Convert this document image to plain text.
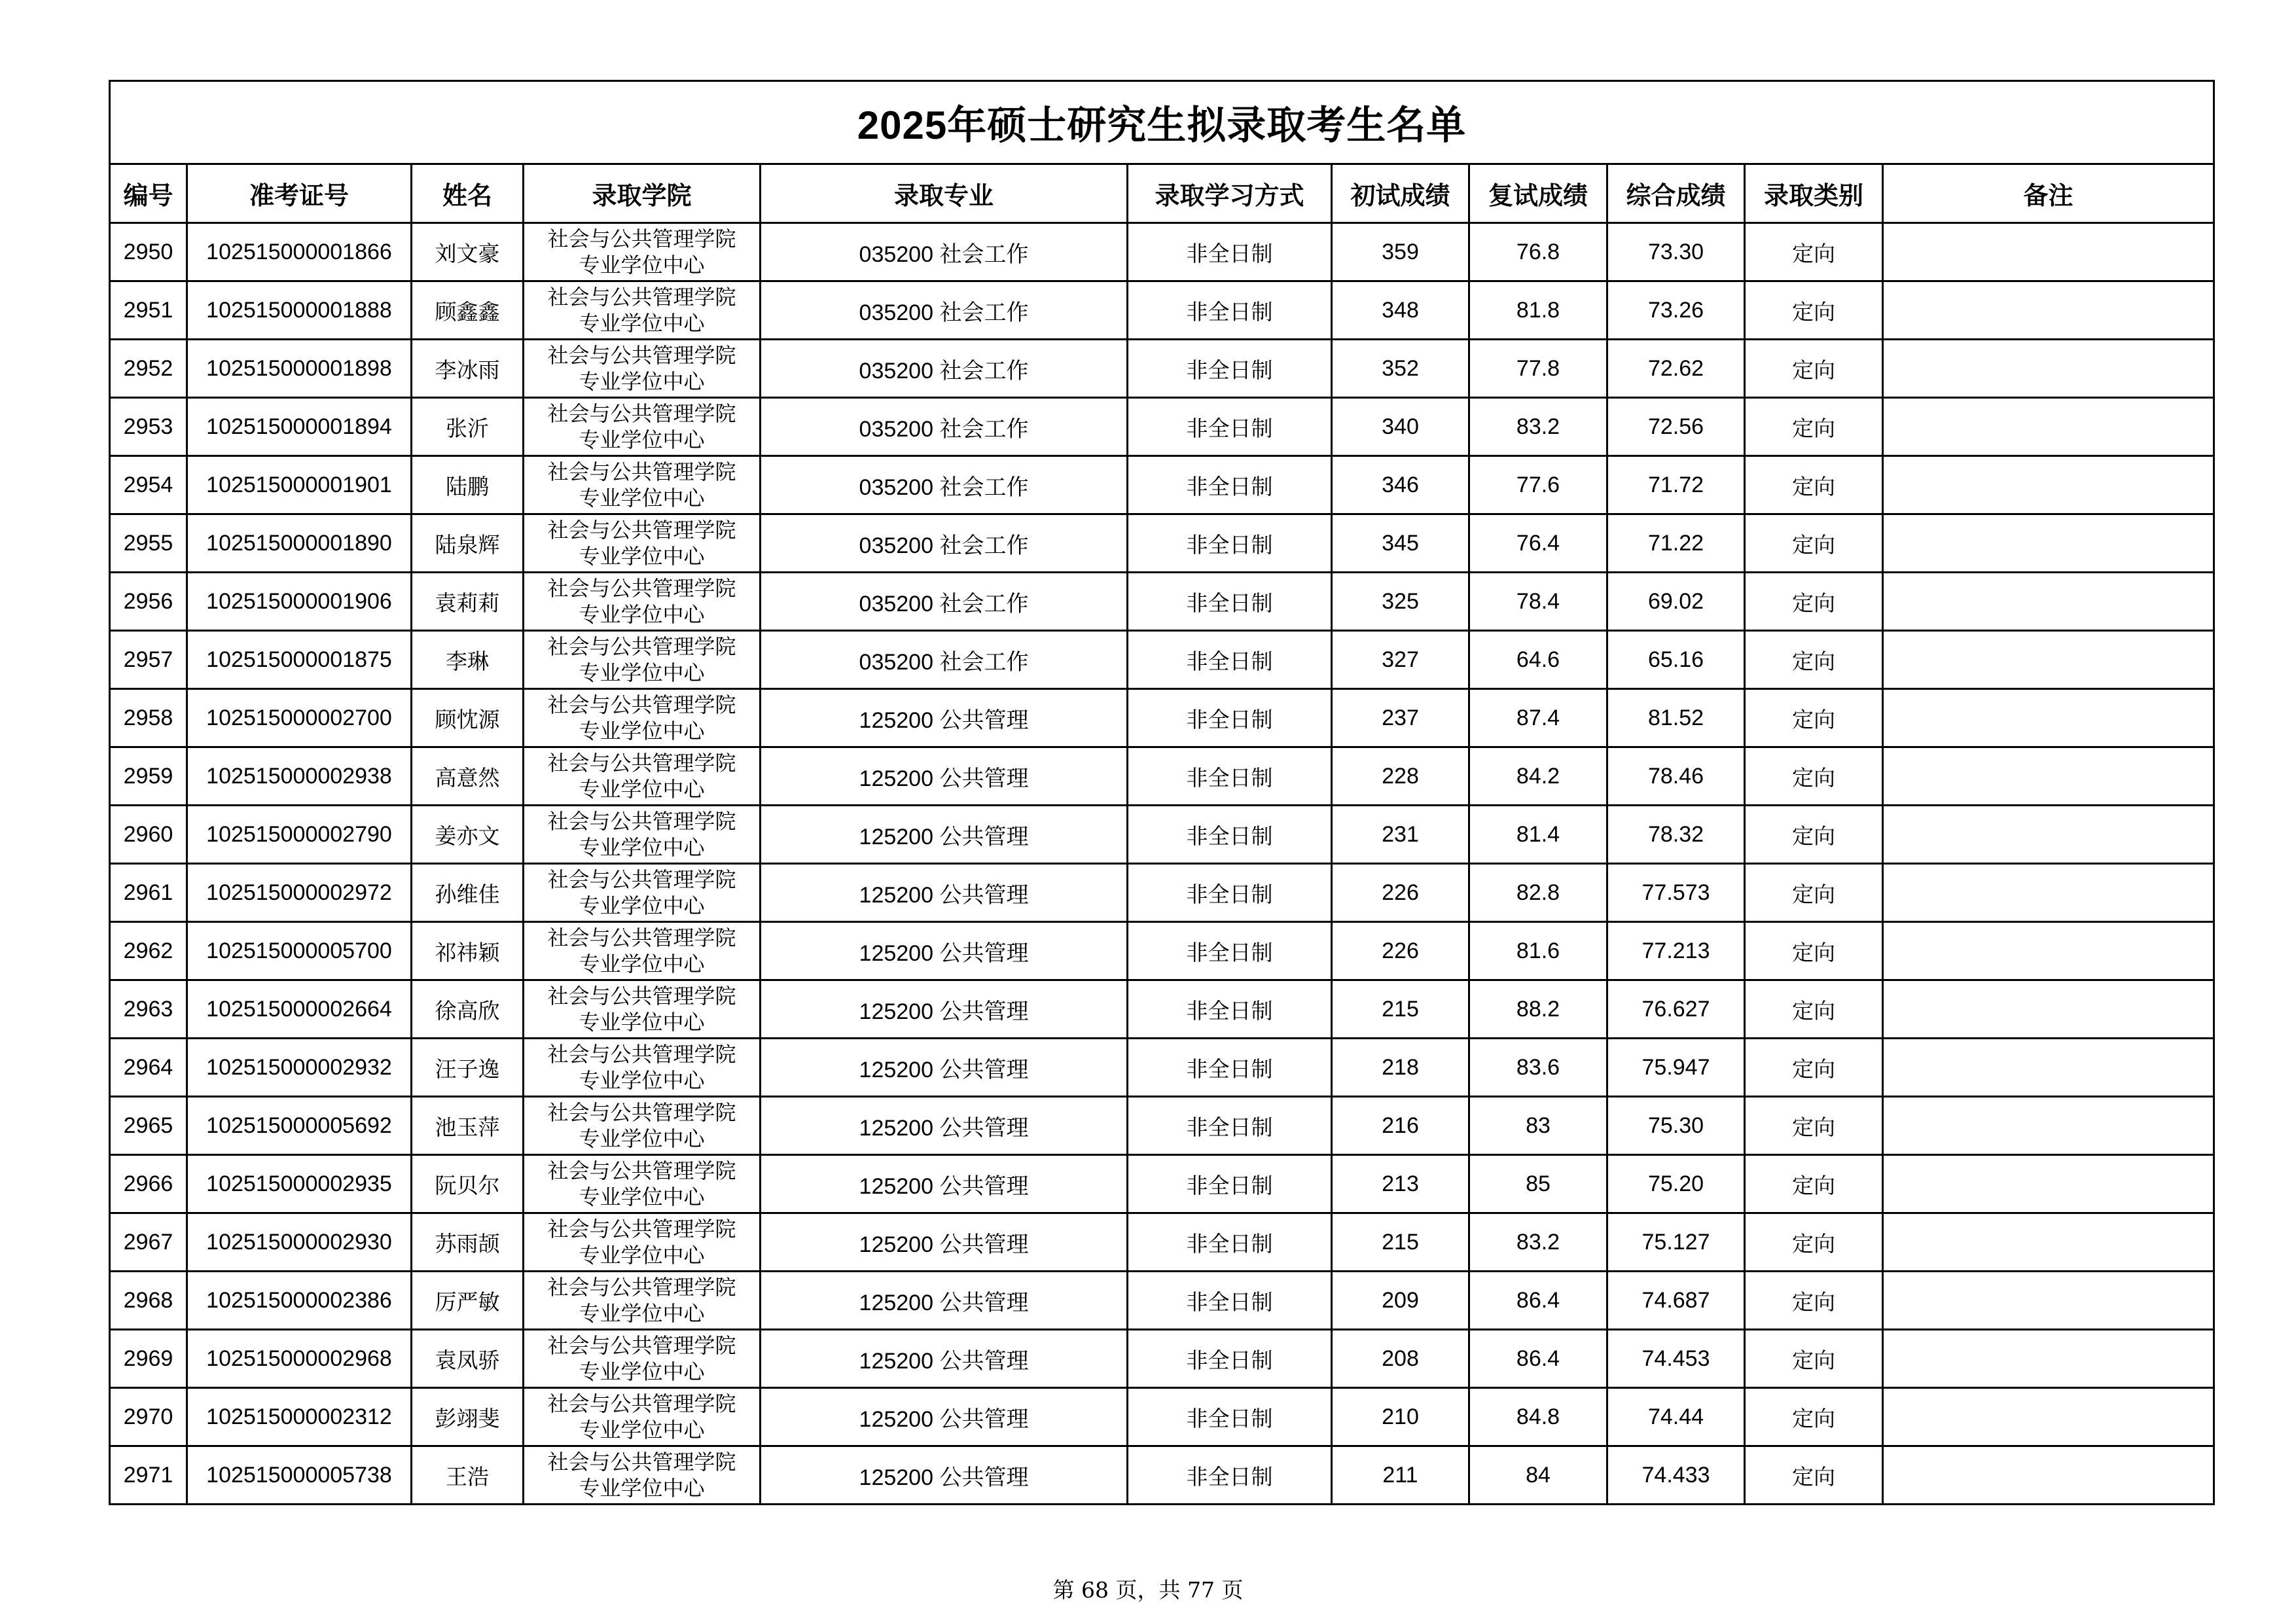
2025年硕士研究生拟录取考生名单										
编号	准考证号	姓名	录取学院	录取专业	录取学习方式	初试成绩	复试成绩	综合成绩	录取类别	备注
2950	102515000001866	刘文豪	社会与公共管理学院
专业学位中心	035200 社会工作	非全日制	359	76.8	73.30	定向	
2951	102515000001888	顾鑫鑫	社会与公共管理学院
专业学位中心	035200 社会工作	非全日制	348	81.8	73.26	定向	
2952	102515000001898	李冰雨	社会与公共管理学院
专业学位中心	035200 社会工作	非全日制	352	77.8	72.62	定向	
2953	102515000001894	张沂	社会与公共管理学院
专业学位中心	035200 社会工作	非全日制	340	83.2	72.56	定向	
2954	102515000001901	陆鹏	社会与公共管理学院
专业学位中心	035200 社会工作	非全日制	346	77.6	71.72	定向	
2955	102515000001890	陆泉辉	社会与公共管理学院
专业学位中心	035200 社会工作	非全日制	345	76.4	71.22	定向	
2956	102515000001906	袁莉莉	社会与公共管理学院
专业学位中心	035200 社会工作	非全日制	325	78.4	69.02	定向	
2957	102515000001875	李琳	社会与公共管理学院
专业学位中心	035200 社会工作	非全日制	327	64.6	65.16	定向	
2958	102515000002700	顾忱源	社会与公共管理学院
专业学位中心	125200 公共管理	非全日制	237	87.4	81.52	定向	
2959	102515000002938	高意然	社会与公共管理学院
专业学位中心	125200 公共管理	非全日制	228	84.2	78.46	定向	
2960	102515000002790	姜亦文	社会与公共管理学院
专业学位中心	125200 公共管理	非全日制	231	81.4	78.32	定向	
2961	102515000002972	孙维佳	社会与公共管理学院
专业学位中心	125200 公共管理	非全日制	226	82.8	77.573	定向	
2962	102515000005700	祁祎颖	社会与公共管理学院
专业学位中心	125200 公共管理	非全日制	226	81.6	77.213	定向	
2963	102515000002664	徐高欣	社会与公共管理学院
专业学位中心	125200 公共管理	非全日制	215	88.2	76.627	定向	
2964	102515000002932	汪子逸	社会与公共管理学院
专业学位中心	125200 公共管理	非全日制	218	83.6	75.947	定向	
2965	102515000005692	池玉萍	社会与公共管理学院
专业学位中心	125200 公共管理	非全日制	216	83	75.30	定向	
2966	102515000002935	阮贝尔	社会与公共管理学院
专业学位中心	125200 公共管理	非全日制	213	85	75.20	定向	
2967	102515000002930	苏雨颉	社会与公共管理学院
专业学位中心	125200 公共管理	非全日制	215	83.2	75.127	定向	
2968	102515000002386	厉严敏	社会与公共管理学院
专业学位中心	125200 公共管理	非全日制	209	86.4	74.687	定向	
2969	102515000002968	袁凤骄	社会与公共管理学院
专业学位中心	125200 公共管理	非全日制	208	86.4	74.453	定向	
2970	102515000002312	彭翊斐	社会与公共管理学院
专业学位中心	125200 公共管理	非全日制	210	84.8	74.44	定向	
2971	102515000005738	王浩	社会与公共管理学院
专业学位中心	125200 公共管理	非全日制	211	84	74.433	定向	
第 68 页，共 77 页
